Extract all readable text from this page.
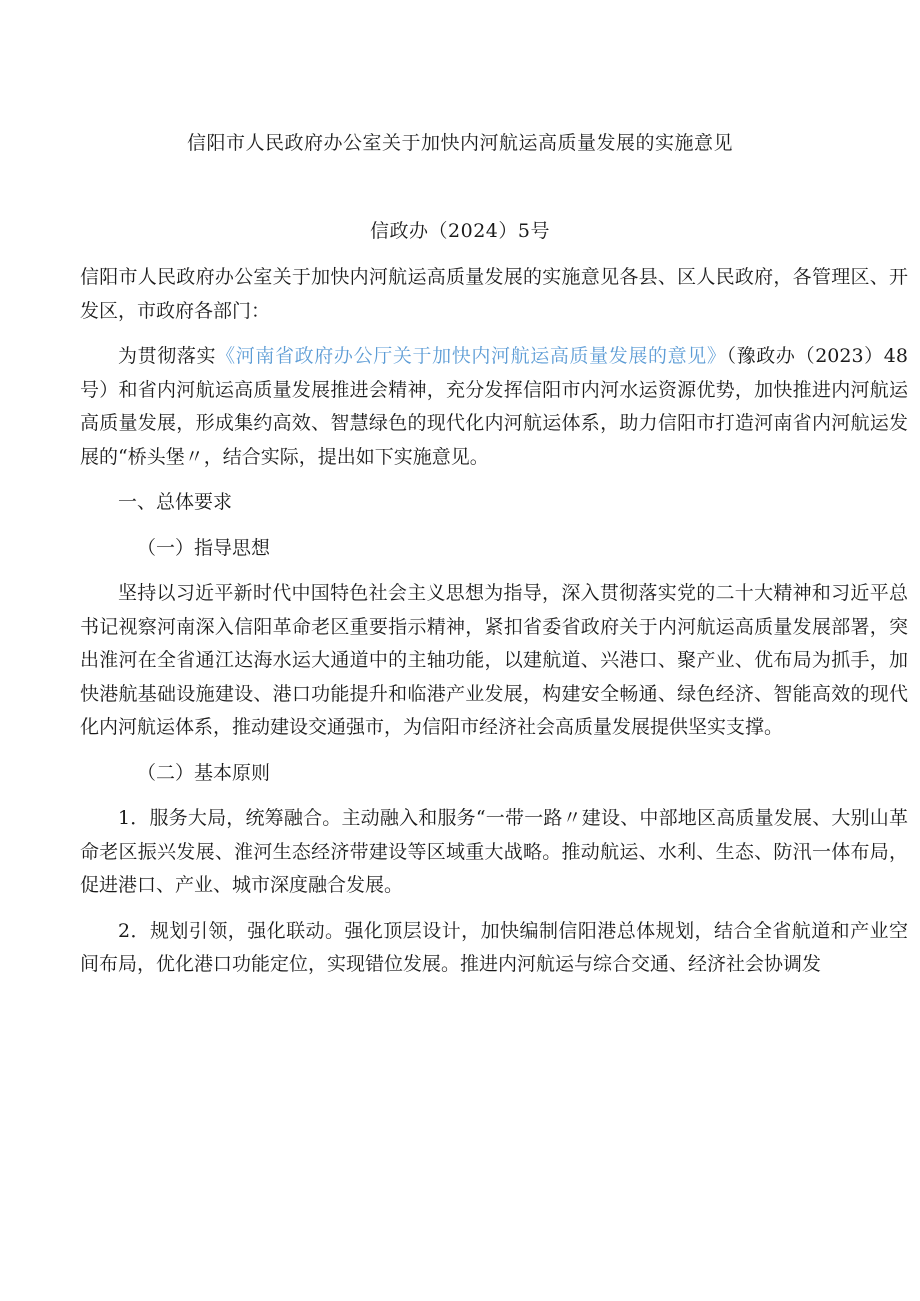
信阳市人民政府办公室关于加快内河航运高质量发展的实施意见
信政办（2024）5号

信阳市人民政府办公室关于加快内河航运高质量发展的实施意见各县、区人民政府，各管理区、开发区，市政府各部门：

为贯彻落实《河南省政府办公厅关于加快内河航运高质量发展的意见》（豫政办（2023）48号）和省内河航运高质量发展推进会精神，充分发挥信阳市内河水运资源优势，加快推进内河航运高质量发展，形成集约高效、智慧绿色的现代化内河航运体系，助力信阳市打造河南省内河航运发展的“桥头堡〃，结合实际，提出如下实施意见。

一、总体要求

（一）指导思想

坚持以习近平新时代中国特色社会主义思想为指导，深入贯彻落实党的二十大精神和习近平总书记视察河南深入信阳革命老区重要指示精神，紧扣省委省政府关于内河航运高质量发展部署，突出淮河在全省通江达海水运大通道中的主轴功能，以建航道、兴港口、聚产业、优布局为抓手，加快港航基础设施建设、港口功能提升和临港产业发展，构建安全畅通、绿色经济、智能高效的现代化内河航运体系，推动建设交通强市，为信阳市经济社会高质量发展提供坚实支撑。

（二）基本原则

1．服务大局，统筹融合。主动融入和服务“一带一路〃建设、中部地区高质量发展、大别山革命老区振兴发展、淮河生态经济带建设等区域重大战略。推动航运、水利、生态、防汛一体布局，促进港口、产业、城市深度融合发展。

2．规划引领，强化联动。强化顶层设计，加快编制信阳港总体规划，结合全省航道和产业空间布局，优化港口功能定位，实现错位发展。推进内河航运与综合交通、经济社会协调发
